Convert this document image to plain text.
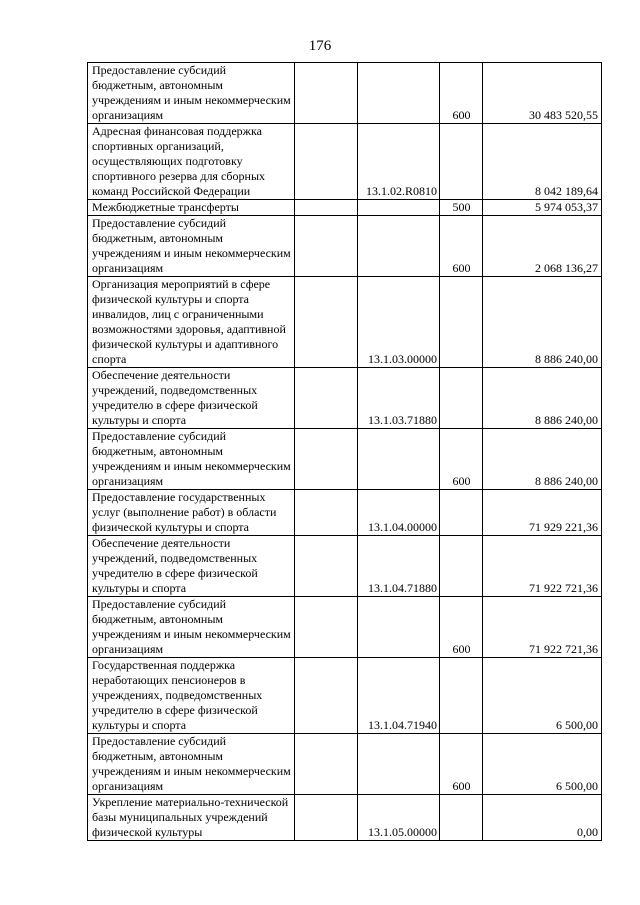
176
Предоставление субсидий бюджетным, автономным учреждениям и иным некоммерческим организациям			600	30 483 520,55
Адресная финансовая поддержка спортивных организаций, осуществляющих подготовку спортивного резерва для сборных команд Российской Федерации		13.1.02.R0810		8 042 189,64
Межбюджетные трансферты			500	5 974 053,37
Предоставление субсидий бюджетным, автономным учреждениям и иным некоммерческим организациям			600	2 068 136,27
Организация мероприятий в сфере физической культуры и спорта инвалидов, лиц с ограниченными возможностями здоровья, адаптивной физической культуры и адаптивного спорта		13.1.03.00000		8 886 240,00
Обеспечение деятельности учреждений, подведомственных учредителю в сфере физической культуры и спорта		13.1.03.71880		8 886 240,00
Предоставление субсидий бюджетным, автономным учреждениям и иным некоммерческим организациям			600	8 886 240,00
Предоставление государственных услуг (выполнение работ) в области физической культуры и спорта		13.1.04.00000		71 929 221,36
Обеспечение деятельности учреждений, подведомственных учредителю в сфере физической культуры и спорта		13.1.04.71880		71 922 721,36
Предоставление субсидий бюджетным, автономным учреждениям и иным некоммерческим организациям			600	71 922 721,36
Государственная поддержка неработающих пенсионеров в учреждениях, подведомственных учредителю в сфере физической культуры и спорта		13.1.04.71940		6 500,00
Предоставление субсидий бюджетным, автономным учреждениям и иным некоммерческим организациям			600	6 500,00
Укрепление материально-технической базы муниципальных учреждений физической культуры		13.1.05.00000		0,00
